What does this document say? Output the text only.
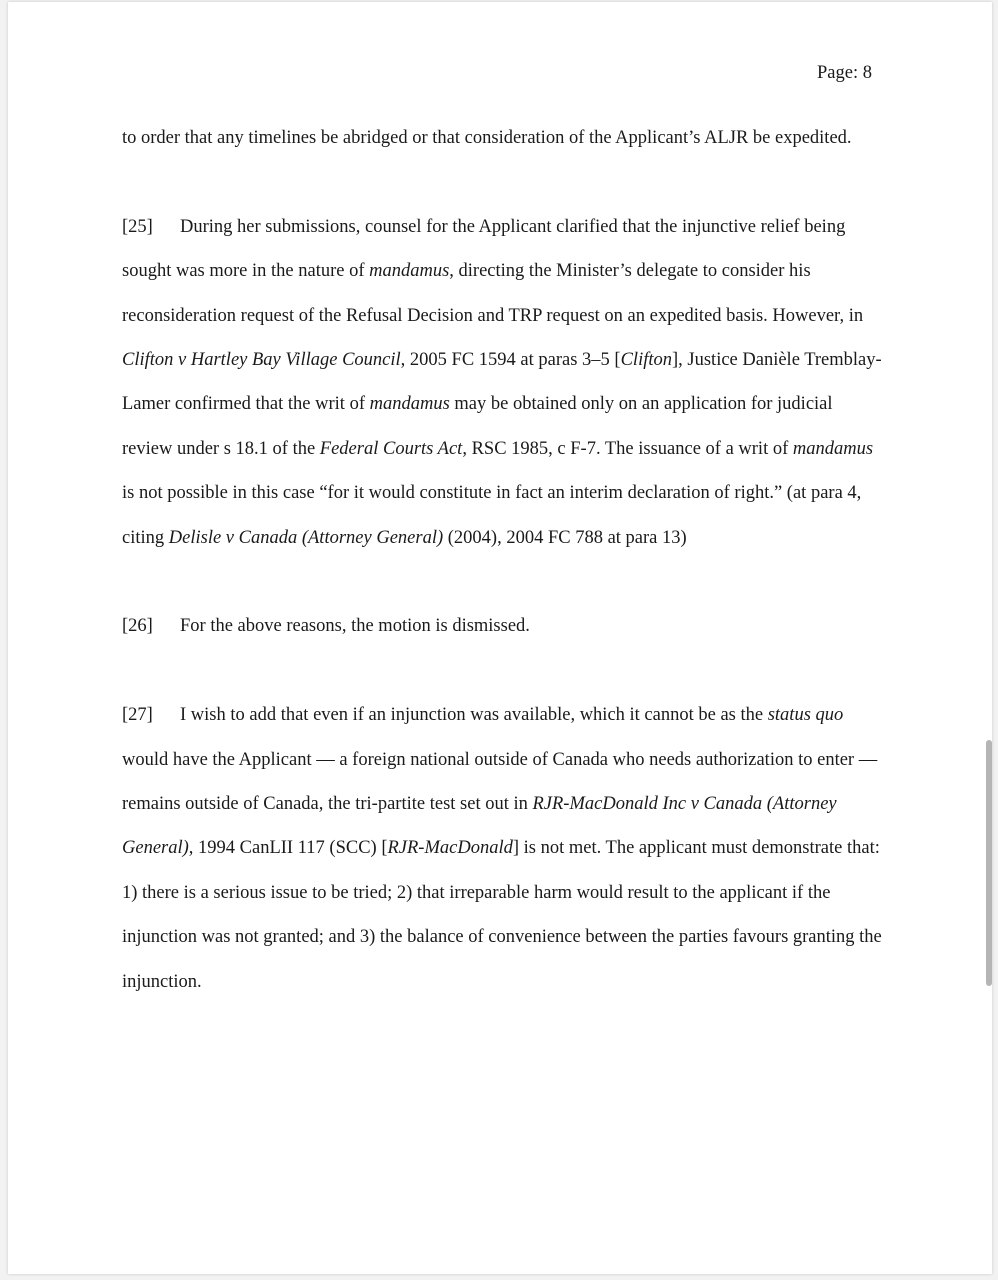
Page: 8

to order that any timelines be abridged or that consideration of the Applicant’s ALJR be expedited.

[25] During her submissions, counsel for the Applicant clarified that the injunctive relief being sought was more in the nature of mandamus, directing the Minister’s delegate to consider his reconsideration request of the Refusal Decision and TRP request on an expedited basis. However, in Clifton v Hartley Bay Village Council, 2005 FC 1594 at paras 3–5 [Clifton], Justice Danièle Tremblay-Lamer confirmed that the writ of mandamus may be obtained only on an application for judicial review under s 18.1 of the Federal Courts Act, RSC 1985, c F-7. The issuance of a writ of mandamus is not possible in this case “for it would constitute in fact an interim declaration of right.” (at para 4, citing Delisle v Canada (Attorney General) (2004), 2004 FC 788 at para 13)

[26] For the above reasons, the motion is dismissed.

[27] I wish to add that even if an injunction was available, which it cannot be as the status quo would have the Applicant — a foreign national outside of Canada who needs authorization to enter — remains outside of Canada, the tri-partite test set out in RJR-MacDonald Inc v Canada (Attorney General), 1994 CanLII 117 (SCC) [RJR-MacDonald] is not met. The applicant must demonstrate that: 1) there is a serious issue to be tried; 2) that irreparable harm would result to the applicant if the injunction was not granted; and 3) the balance of convenience between the parties favours granting the injunction.
